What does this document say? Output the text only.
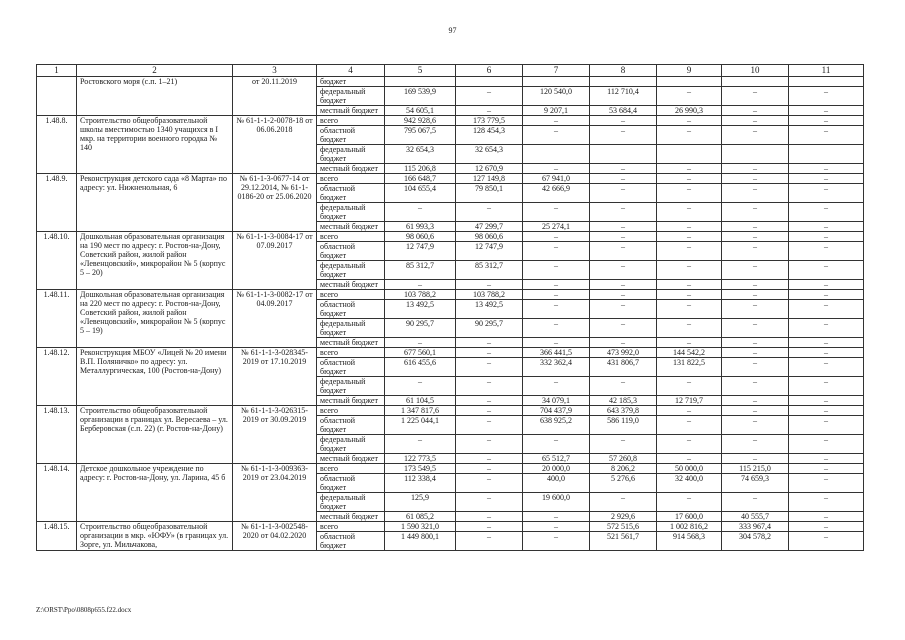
97
1	2	3	4	5	6	7	8	9	10	11
	Ростовского моря (с.п. 1–21)	от 20.11.2019	бюджет							
			федеральный бюджет	169 539,9	–	120 540,0	112 710,4	–	–	–
			местный бюджет	54 605,1	–	9 207,1	53 684,4	26 990,3	–	–
1.48.8.	Строительство общеобразовательной школы вместимостью 1340 учащихся в I мкр. на территории военного городка № 140	№ 61-1-1-2-0078-18 от 06.06.2018	всего	942 928,6	173 779,5	–	–	–	–	–
			областной бюджет	795 067,5	128 454,3	–	–	–	–	–
			федеральный бюджет	32 654,3	32 654,3					
			местный бюджет	115 206,8	12 670,9	–	–	–	–	–
1.48.9.	Реконструкция детского сада «8 Марта» по адресу: ул. Нижненольная, 6	№ 61-1-3-0677-14 от 29.12.2014, № 61-1-0186-20 от 25.06.2020	всего	166 648,7	127 149,8	67 941,0	–	–	–	–
			областной бюджет	104 655,4	79 850,1	42 666,9	–	–	–	–
			федеральный бюджет	–	–	–	–	–	–	–
			местный бюджет	61 993,3	47 299,7	25 274,1	–	–	–	–
1.48.10.	Дошкольная образовательная организация на 190 мест по адресу: г. Ростов-на-Дону, Советский район, жилой район «Левенцовский», микрорайон № 5 (корпус 5 – 20)	№ 61-1-1-3-0084-17 от 07.09.2017	всего	98 060,6	98 060,6	–	–	–	–	–
			областной бюджет	12 747,9	12 747,9	–	–	–	–	–
			федеральный бюджет	85 312,7	85 312,7	–	–	–	–	–
			местный бюджет	–	–	–	–	–	–	–
1.48.11.	Дошкольная образовательная организация на 220 мест по адресу: г. Ростов-на-Дону, Советский район, жилой район «Левенцовский», микрорайон № 5 (корпус 5 – 19)	№ 61-1-1-3-0082-17 от 04.09.2017	всего	103 788,2	103 788,2	–	–	–	–	–
			областной бюджет	13 492,5	13 492,5	–	–	–	–	–
			федеральный бюджет	90 295,7	90 295,7	–	–	–	–	–
			местный бюджет	–	–	–	–	–	–	–
1.48.12.	Реконструкция МБОУ «Лицей № 20 имени В.П. Поляничко» по адресу: ул. Металлургическая, 100 (Ростов-на-Дону)	№ 61-1-1-3-028345-2019 от 17.10.2019	всего	677 560,1	–	366 441,5	473 992,0	144 542,2	–	–
			областной бюджет	616 455,6	–	332 362,4	431 806,7	131 822,5	–	–
			федеральный бюджет	–	–	–	–	–	–	–
			местный бюджет	61 104,5	–	34 079,1	42 185,3	12 719,7	–	–
1.48.13.	Строительство общеобразовательной организации в границах ул. Вересаева – ул. Берберовская (с.п. 22) (г. Ростов-на-Дону)	№ 61-1-1-3-026315-2019 от 30.09.2019	всего	1 347 817,6	–	704 437,9	643 379,8	–	–	–
			областной бюджет	1 225 044,1	–	638 925,2	586 119,0	–	–	–
			федеральный бюджет	–	–	–	–	–	–	–
			местный бюджет	122 773,5	–	65 512,7	57 260,8	–	–	–
1.48.14.	Детское дошкольное учреждение по адресу: г. Ростов-на-Дону, ул. Ларина, 45 б	№ 61-1-1-3-009363-2019 от 23.04.2019	всего	173 549,5	–	20 000,0	8 206,2	50 000,0	115 215,0	–
			областной бюджет	112 338,4	–	400,0	5 276,6	32 400,0	74 659,3	–
			федеральный бюджет	125,9	–	19 600,0	–	–	–	–
			местный бюджет	61 085,2	–	–	2 929,6	17 600,0	40 555,7	–
1.48.15.	Строительство общеобразовательной организации в мкр. «ЮФУ» (в границах ул. Зорге, ул. Мильчакова,	№ 61-1-1-3-002548-2020 от 04.02.2020	всего	1 590 321,0	–	–	572 515,6	1 002 816,2	333 967,4	–
			областной бюджет	1 449 800,1	–	–	521 561,7	914 568,3	304 578,2	–
Z:\ORST\Ppo\0808p655.f22.docx
